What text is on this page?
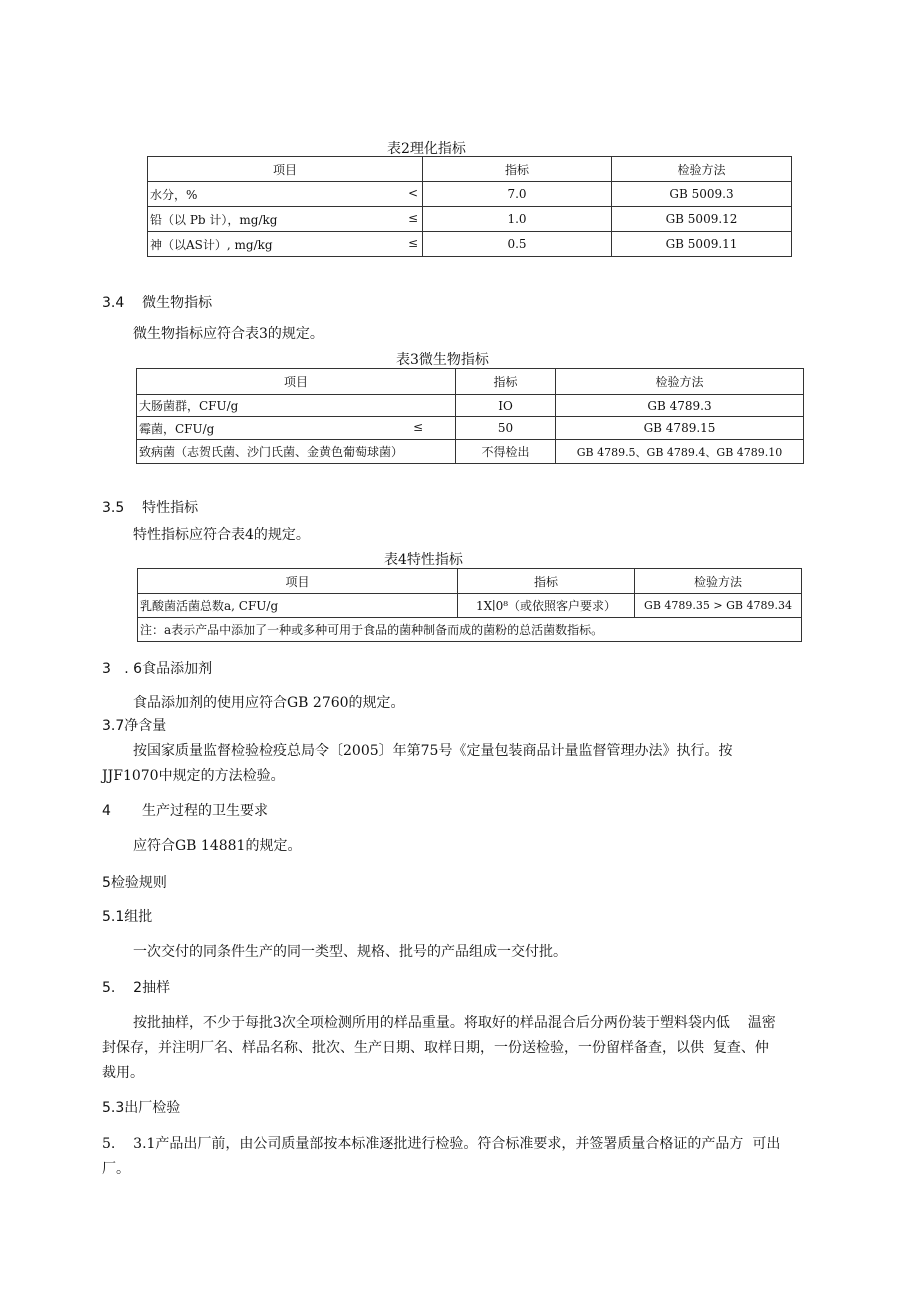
表2理化指标
项目	指标	检验方法
水分，% <	7.0	GB 5009.3
铅（以 Pb 计），mg/kg ≤	1.0	GB 5009.12
神（以AS计）, mg/kg ≤	0.5	GB 5009.11
3.4    微生物指标
微生物指标应符合表3的规定。
表3微生物指标
项目	指标	检验方法
大肠菌群，CFU/g	IO	GB 4789.3
霉菌，CFU/g ≤	50	GB 4789.15
致病菌（志贺氏菌、沙门氏菌、金黄色葡萄球菌）	不得检出	GB 4789.5、GB 4789.4、GB 4789.10
3.5    特性指标
特性指标应符合表4的规定。
表4特性指标
项目	指标	检验方法
乳酸菌活菌总数a, CFU/g	1X∣0⁸（或依照客户要求）	GB 4789.35 > GB 4789.34
注：a表示产品中添加了一种或多种可用于食品的菌种制备而成的菌粉的总活菌数指标。		
3   . 6食品添加剂
食品添加剂的使用应符合GB 2760的规定。
3.7净含量
按国家质量监督检验检疫总局令〔2005〕年第75号《定量包装商品计量监督管理办法》执行。按
JJF1070中规定的方法检验。
4       生产过程的卫生要求
应符合GB 14881的规定。
5检验规则
5.1组批
一次交付的同条件生产的同一类型、规格、批号的产品组成一交付批。
5.    2抽样
按批抽样，不少于每批3次全项检测所用的样品重量。将取好的样品混合后分两份装于塑料袋内低    温密
封保存，并注明厂名、样品名称、批次、生产日期、取样日期，一份送检验，一份留样备查，以供  复查、仲
裁用。
5.3出厂检验
5.    3.1产品出厂前，由公司质量部按本标准逐批进行检验。符合标准要求，并签署质量合格证的产品方  可出
厂。
